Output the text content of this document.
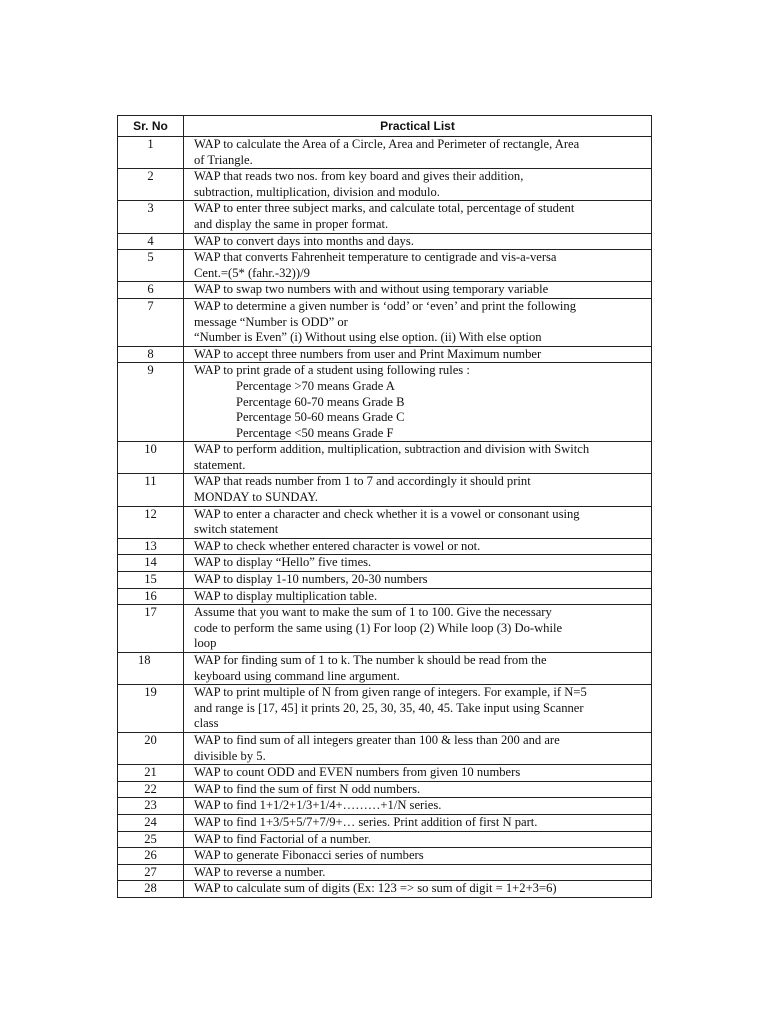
Sr. No	Practical List
1	WAP to calculate the Area of a Circle, Area and Perimeter of rectangle, Area
of Triangle.

2	WAP that reads two nos. from key board and gives their addition,
subtraction, multiplication, division and modulo.

3	WAP to enter three subject marks, and calculate total, percentage of student
and display the same in proper format.

4	WAP to convert days into months and days.

5	WAP that converts Fahrenheit temperature to centigrade and vis-a-versa
Cent.=(5* (fahr.-32))/9

6	WAP to swap two numbers with and without using temporary variable

7	WAP to determine a given number is ‘odd’ or ‘even’ and print the following
message “Number is ODD” or
“Number is Even” (i) Without using else option. (ii) With else option

8	WAP to accept three numbers from user and Print Maximum number

9	WAP to print grade of a student using following rules :
Percentage >70 means Grade A
Percentage 60-70 means Grade B
Percentage 50-60 means Grade C
Percentage <50 means Grade F

10	WAP to perform addition, multiplication, subtraction and division with Switch
statement.

11	WAP that reads number from 1 to 7 and accordingly it should print
MONDAY to SUNDAY.

12	WAP to enter a character and check whether it is a vowel or consonant using
switch statement

13	WAP to check whether entered character is vowel or not.

14	WAP to display “Hello” five times.

15	WAP to display 1-10 numbers, 20-30 numbers

16	WAP to display multiplication table.

17	Assume that you want to make the sum of 1 to 100. Give the necessary
code to perform the same using (1) For loop (2) While loop (3) Do-while
loop

18	WAP for finding sum of 1 to k. The number k should be read from the
keyboard using command line argument.

19	WAP to print multiple of N from given range of integers. For example, if N=5
and range is [17, 45] it prints 20, 25, 30, 35, 40, 45. Take input using Scanner
class

20	WAP to find sum of all integers greater than 100 & less than 200 and are
divisible by 5.

21	WAP to count ODD and EVEN numbers from given 10 numbers

22	WAP to find the sum of first N odd numbers.

23	WAP to find 1+1/2+1/3+1/4+………+1/N series.

24	WAP to find 1+3/5+5/7+7/9+… series. Print addition of first N part.

25	WAP to find Factorial of a number.

26	WAP to generate Fibonacci series of numbers

27	WAP to reverse a number.

28	WAP to calculate sum of digits (Ex: 123 => so sum of digit = 1+2+3=6)
